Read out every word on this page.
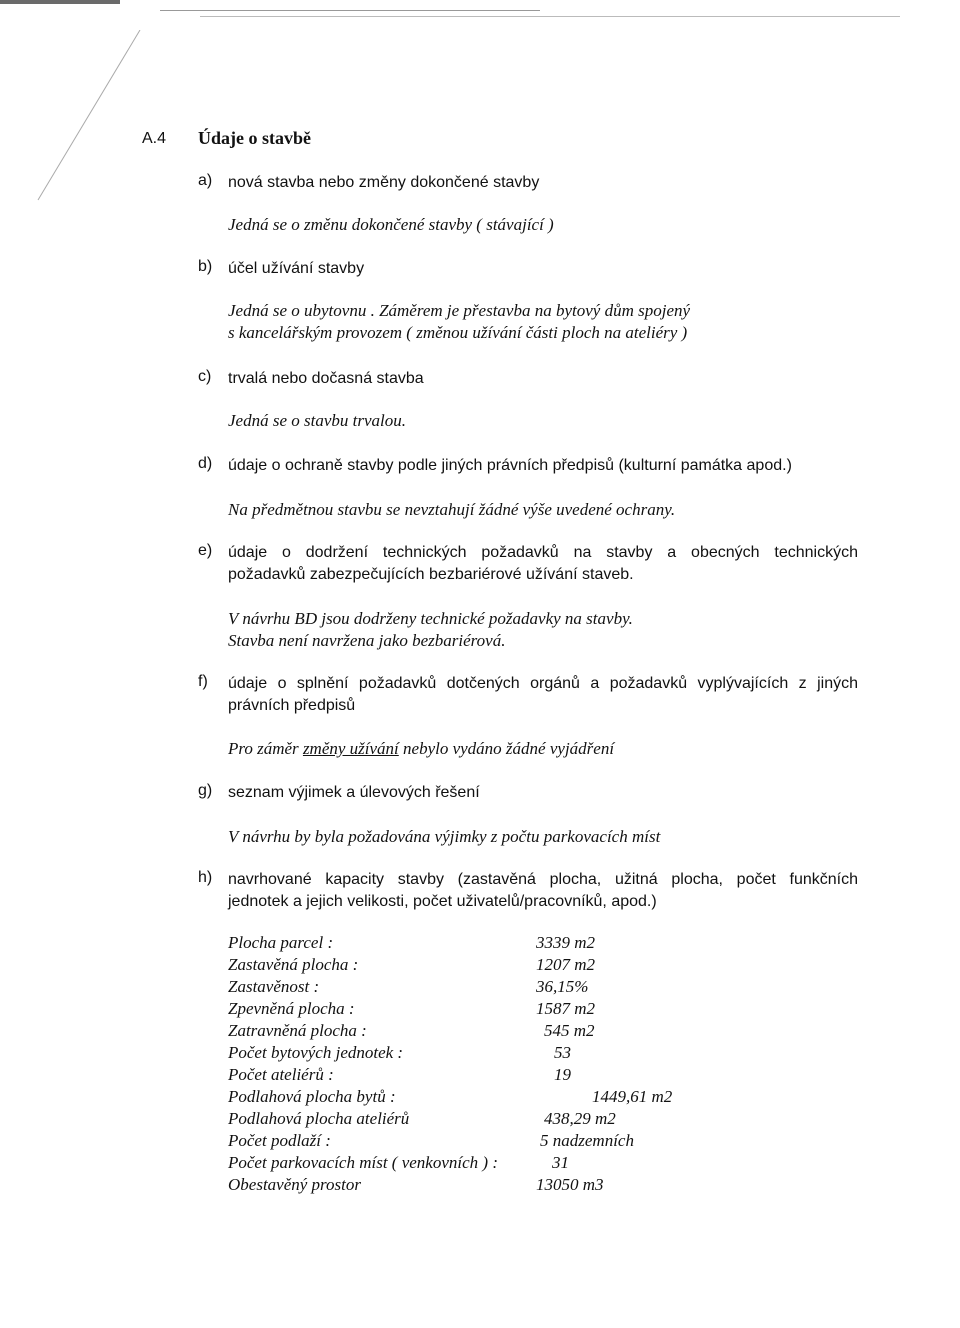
A.4 Údaje o stavbě
a) nová stavba nebo změny dokončené stavby
Jedná se o změnu dokončené stavby ( stávající )
b) účel užívání stavby
Jedná se o ubytovnu . Záměrem je přestavba na bytový dům spojený
s kancelářským provozem ( změnou užívání části ploch na ateliéry )
c) trvalá nebo dočasná stavba
Jedná se o stavbu trvalou.
d) údaje o ochraně stavby podle jiných právních předpisů (kulturní památka apod.)
Na předmětnou stavbu se nevztahují žádné výše uvedené ochrany.
e) údaje o dodržení technických požadavků na stavby a obecných technických
požadavků zabezpečujících bezbariérové užívání staveb.
V návrhu BD jsou dodrženy technické požadavky na stavby.
Stavba není navržena jako bezbariérová.
f) údaje o splnění požadavků dotčených orgánů a požadavků vyplývajících z jiných
právních předpisů
Pro záměr změny užívání nebylo vydáno žádné vyjádření
g) seznam výjimek a úlevových řešení
V návrhu by byla požadována výjimky z počtu parkovacích míst
h) navrhované kapacity stavby (zastavěná plocha, užitná plocha, počet funkčních
jednotek a jejich velikosti, počet uživatelů/pracovníků, apod.)
Plocha parcel :	3339 m2
Zastavěná plocha :	1207 m2
Zastavěnost :	36,15%
Zpevněná plocha :	1587 m2
Zatravněná plocha :	545 m2
Počet bytových jednotek :	53
Počet ateliérů :	19
Podlahová plocha bytů :	1449,61 m2
Podlahová plocha ateliérů	438,29 m2
Počet podlaží :	5 nadzemních
Počet parkovacích míst ( venkovních ) :	31
Obestavěný prostor	13050 m3
